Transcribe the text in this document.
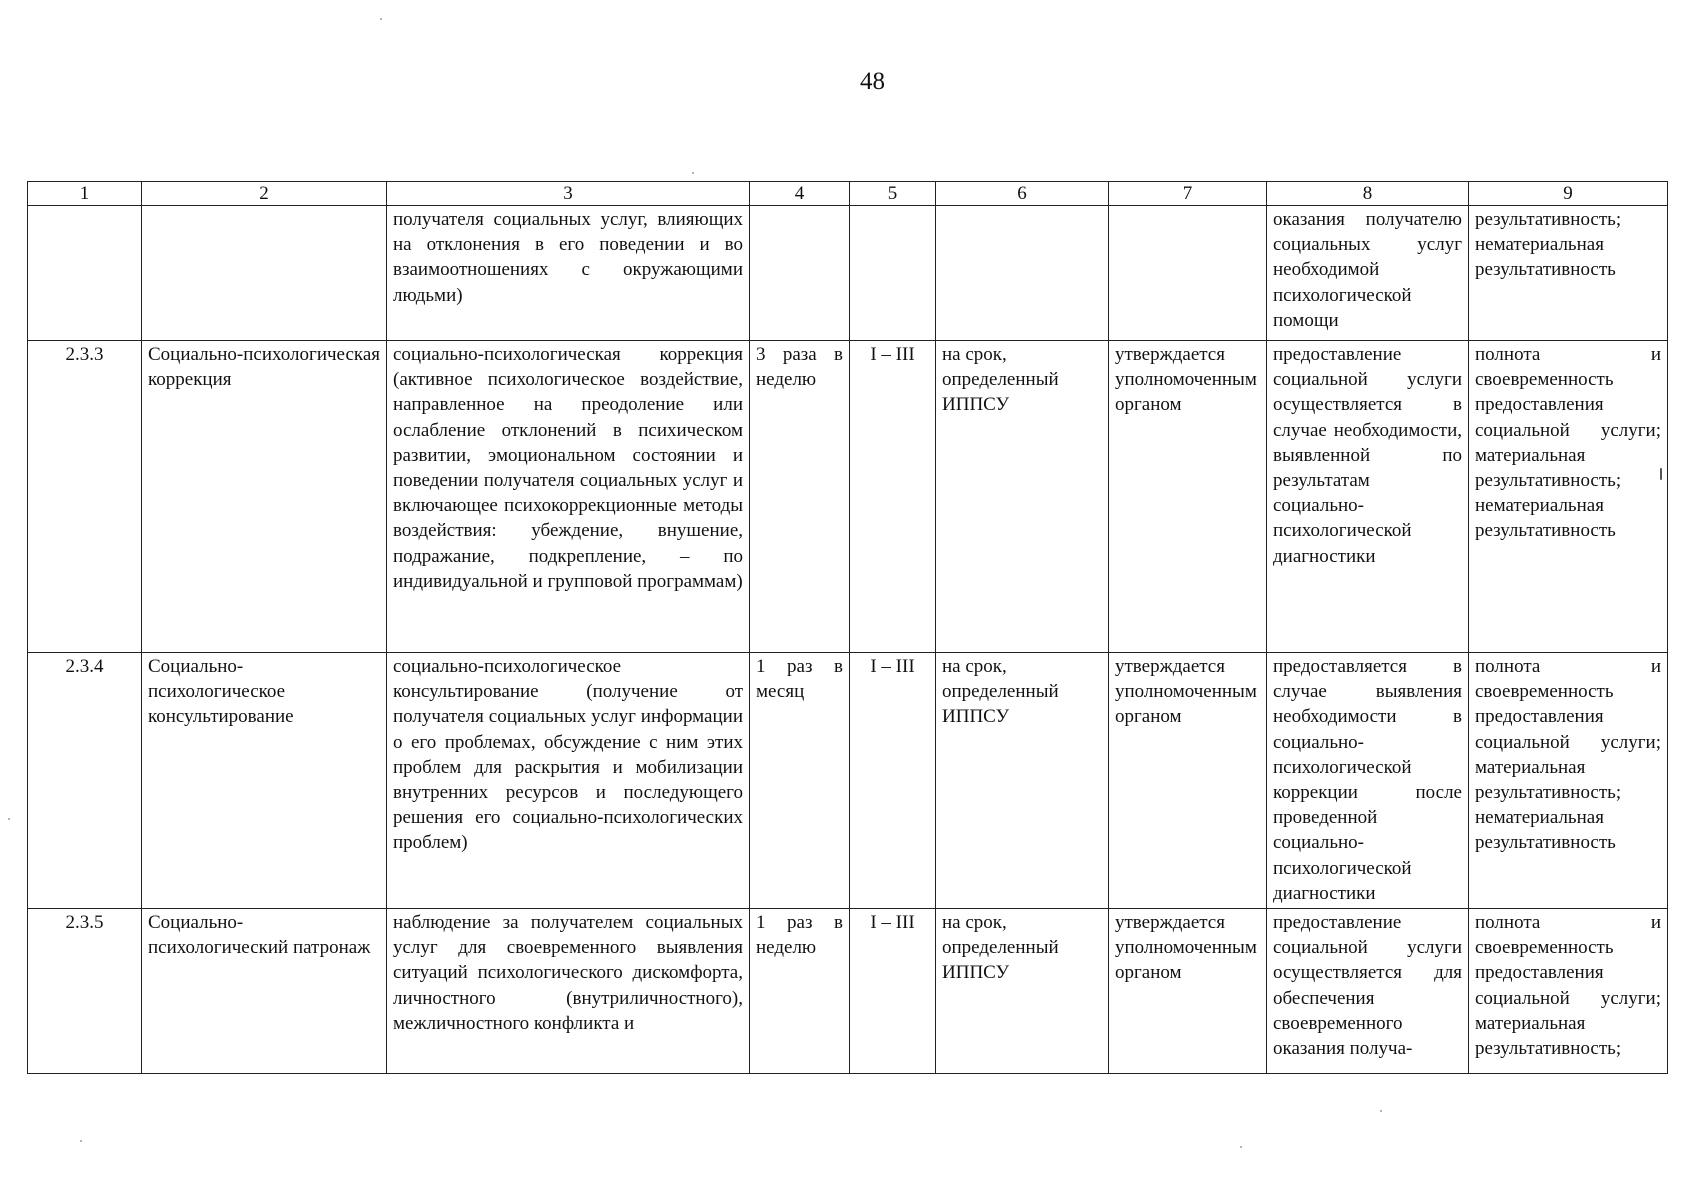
48
1	2	3	4	5	6	7	8	9
		получателя социальных услуг, влияющих на отклонения в его поведении и во взаимоотношениях с окружающими людьми)					оказания получателю социальных услуг необходимой психологической помощи	результативность; нематериальная результативность
2.3.3	Социально-психологическая коррекция	социально-психологическая коррекция (активное психологическое воздействие, направленное на преодоление или ослабление отклонений в психическом развитии, эмоциональном состоянии и поведении получателя социальных услуг и включающее психокоррекционные методы воздействия: убеждение, внушение, подражание, подкрепление, – по индивидуальной и групповой программам)	3 раза в неделю	I – III	на срок, определенный ИППСУ	утверждается уполномоченным органом	предоставление социальной услуги осуществляется в случае необходимости, выявленной по результатам социально-психологической диагностики	полнота и своевременность предоставления социальной услуги; материальная результативность; нематериальная результативность
2.3.4	Социально-психологическое консультирование	социально-психологическое консультирование (получение от получателя социальных услуг информации о его проблемах, обсуждение с ним этих проблем для раскрытия и мобилизации внутренних ресурсов и последующего решения его социально-психологических проблем)	1 раз в месяц	I – III	на срок, определенный ИППСУ	утверждается уполномоченным органом	предоставляется в случае выявления необходимости в социально-психологической коррекции после проведенной социально-психологической диагностики	полнота и своевременность предоставления социальной услуги; материальная результативность; нематериальная результативность
2.3.5	Социально-психологический патронаж	наблюдение за получателем социальных услуг для своевременного выявления ситуаций психологического дискомфорта, личностного (внутриличностного), межличностного конфликта и	1 раз в неделю	I – III	на срок, определенный ИППСУ	утверждается уполномоченным органом	предоставление социальной услуги осуществляется для обеспечения своевременного оказания получа-	полнота и своевременность предоставления социальной услуги; материальная результативность;
